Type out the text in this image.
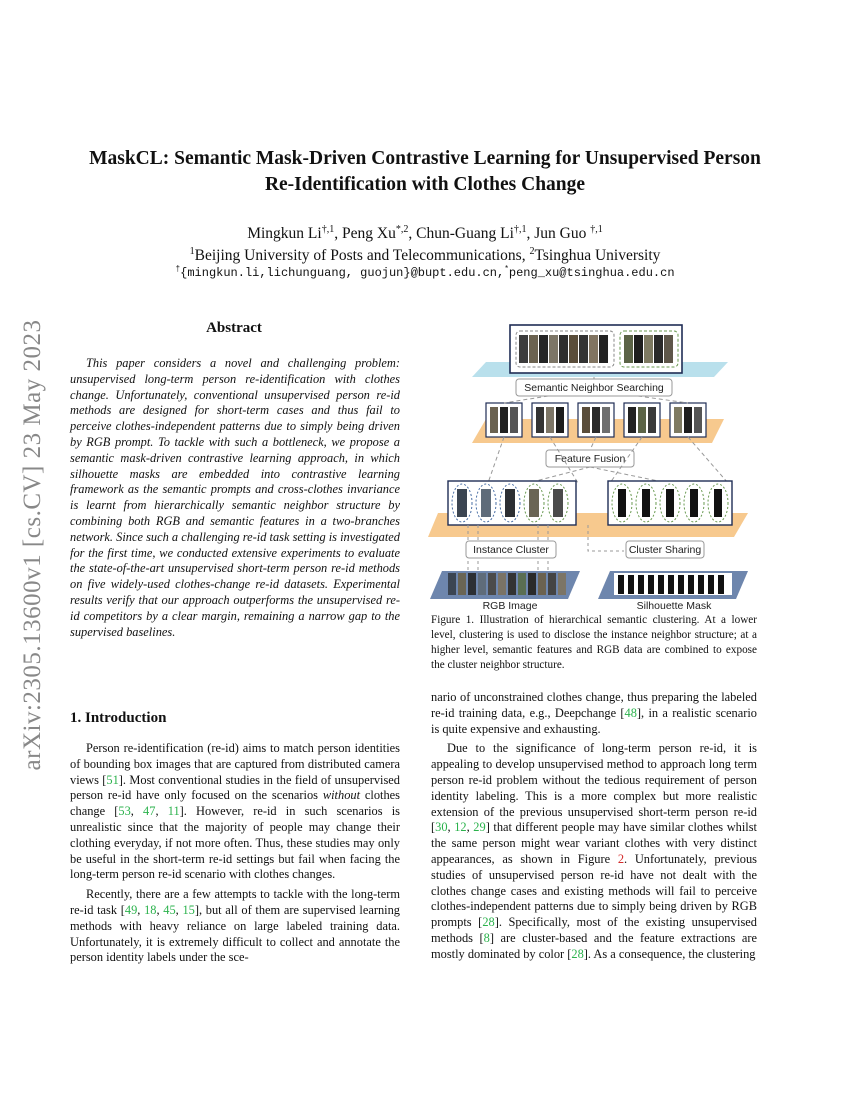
arXiv:2305.13600v1 [cs.CV] 23 May 2023
MaskCL: Semantic Mask-Driven Contrastive Learning for Unsupervised Person
Re-Identification with Clothes Change
Mingkun $Li^{\dagger,1}$, Peng $Xu^{*,2}$, Chun-Guang $Li^{\dagger,1}$, Jun Guo $^{\dagger,1}$
$^1$Beijing University of Posts and Telecommunications, $^2$Tsinghua University
†{mingkun.li,lichunguang, guojun}@bupt.edu.cn,*peng_xu@tsinghua.edu.cn
Abstract

This paper considers a novel and challenging problem: unsupervised long-term person re-identification with clothes change. Unfortunately, conventional unsupervised person re-id methods are designed for short-term cases and thus fail to perceive clothes-independent patterns due to simply being driven by RGB prompt. To tackle with such a bottleneck, we propose a semantic mask-driven contrastive learning approach, in which silhouette masks are embedded into contrastive learning framework as the semantic prompts and cross-clothes invariance is learnt from hierarchically semantic neighbor structure by combining both RGB and semantic features in a two-branches network. Since such a challenging re-id task setting is investigated for the first time, we conducted extensive experiments to evaluate the state-of-the-art unsupervised short-term person re-id methods on five widely-used clothes-change re-id datasets. Experimental results verify that our approach outperforms the unsupervised re-id competitors by a clear margin, remaining a narrow gap to the supervised baselines.

Semantic Neighbor Searching
Feature Fusion
Instance Cluster	Cluster Sharing
RGB Image	Silhouette Mask
Figure 1. Illustration of hierarchical semantic clustering. At a lower level, clustering is used to disclose the instance neighbor structure; at a higher level, semantic features and RGB data are combined to expose the cluster neighbor structure.
1. Introduction

Person re-identification (re-id) aims to match person identities of bounding box images that are captured from distributed camera views [51]. Most conventional studies in the field of unsupervised person re-id have only focused on the scenarios without clothes change [53, 47, 11]. However, re-id in such scenarios is unrealistic since that the majority of people may change their clothing everyday, if not more often. Thus, these studies may only be useful in the short-term re-id settings but fail when facing the long-term person re-id scenario with clothes changes.

Recently, there are a few attempts to tackle with the long-term re-id task [49, 18, 45, 15], but all of them are supervised learning methods with heavy reliance on large labeled training data. Unfortunately, it is extremely difficult to collect and annotate the person identity labels under the sce-

nario of unconstrained clothes change, thus preparing the labeled re-id training data, e.g., Deepchange [48], in a realistic scenario is quite expensive and exhausting.

Due to the significance of long-term person re-id, it is appealing to develop unsupervised method to approach long term person re-id problem without the tedious requirement of person identity labeling. This is a more complex but more realistic extension of the previous unsupervised short-term person re-id [30, 12, 29] that different people may have similar clothes whilst the same person might wear variant clothes with very distinct appearances, as shown in Figure 2. Unfortunately, previous studies of unsupervised person re-id have not dealt with the clothes change cases and existing methods will fail to perceive clothes-independent patterns due to simply being driven by RGB prompts [28]. Specifically, most of the existing unsupervised methods [8] are cluster-based and the feature extractions are mostly dominated by color [28]. As a consequence, the clustering
